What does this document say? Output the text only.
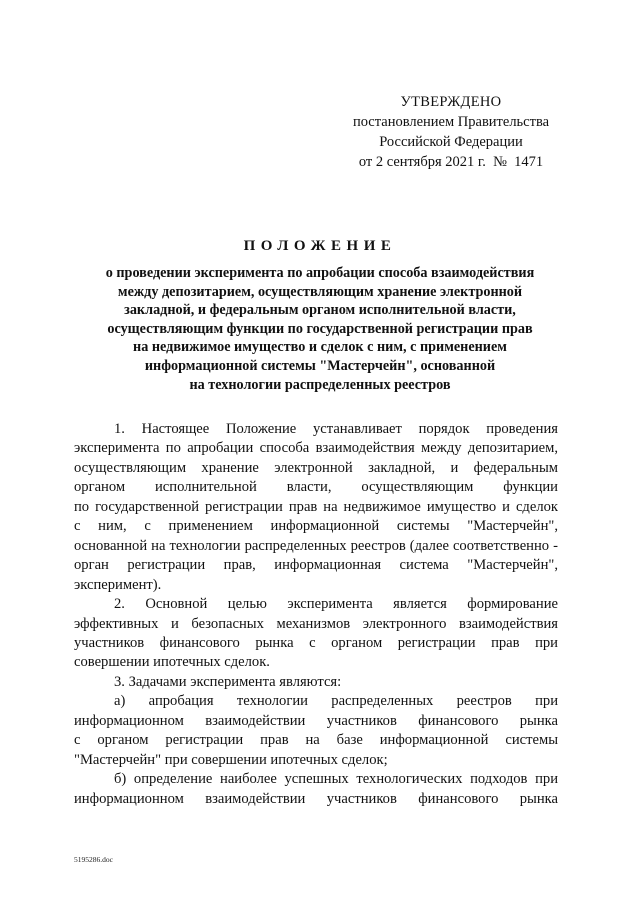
УТВЕРЖДЕНО
постановлением Правительства
Российской Федерации
от 2 сентября 2021 г.  №  1471
ПОЛОЖЕНИЕ
о проведении эксперимента по апробации способа взаимодействия
между депозитарием, осуществляющим хранение электронной
закладной, и федеральным органом исполнительной власти,
осуществляющим функции по государственной регистрации прав
на недвижимое имущество и сделок с ним, с применением
информационной системы "Мастерчейн", основанной
на технологии распределенных реестров
1. Настоящее Положение устанавливает порядок проведения
эксперимента по апробации способа взаимодействия между депозитарием,
осуществляющим хранение электронной закладной, и федеральным
органом исполнительной власти, осуществляющим функции
по государственной регистрации прав на недвижимое имущество и сделок
с ним, с применением информационной системы "Мастерчейн",
основанной на технологии распределенных реестров (далее соответственно -
орган регистрации прав, информационная система "Мастерчейн",
эксперимент).
2. Основной целью эксперимента является формирование
эффективных и безопасных механизмов электронного взаимодействия
участников финансового рынка с органом регистрации прав при
совершении ипотечных сделок.
3. Задачами эксперимента являются:
а) апробация технологии распределенных реестров при
информационном взаимодействии участников финансового рынка
с органом регистрации прав на базе информационной системы
"Мастерчейн" при совершении ипотечных сделок;
б) определение наиболее успешных технологических подходов при
информационном взаимодействии участников финансового рынка
5195286.doc
